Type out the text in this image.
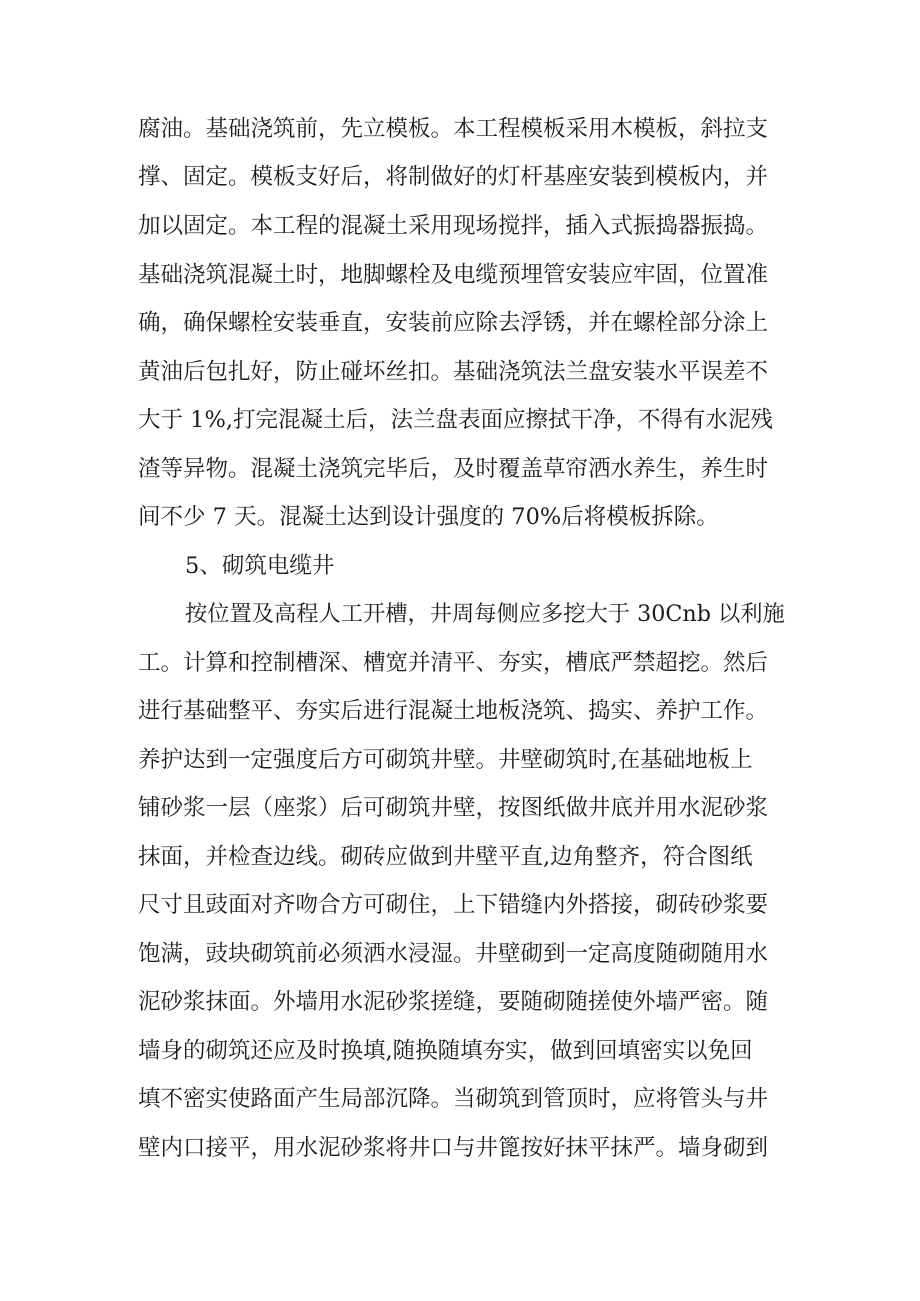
腐油。基础浇筑前，先立模板。本工程模板采用木模板，斜拉支
撑、固定。模板支好后，将制做好的灯杆基座安装到模板内，并
加以固定。本工程的混凝土采用现场搅拌，插入式振捣器振捣。
基础浇筑混凝土时，地脚螺栓及电缆预埋管安装应牢固，位置准
确，确保螺栓安装垂直，安装前应除去浮锈，并在螺栓部分涂上
黄油后包扎好，防止碰坏丝扣。基础浇筑法兰盘安装水平误差不
大于 1%,打完混凝土后，法兰盘表面应擦拭干净，不得有水泥残
渣等异物。混凝土浇筑完毕后，及时覆盖草帘洒水养生，养生时
间不少 7 天。混凝土达到设计强度的 70%后将模板拆除。
5、砌筑电缆井
按位置及高程人工开槽，井周每侧应多挖大于 30Cnb 以利施
工。计算和控制槽深、槽宽并清平、夯实，槽底严禁超挖。然后
进行基础整平、夯实后进行混凝土地板浇筑、捣实、养护工作。
养护达到一定强度后方可砌筑井壁。井壁砌筑时,在基础地板上
铺砂浆一层（座浆）后可砌筑井壁，按图纸做井底并用水泥砂浆
抹面，并检查边线。砌砖应做到井壁平直,边角整齐，符合图纸
尺寸且豉面对齐吻合方可砌住，上下错缝内外搭接，砌砖砂浆要
饱满，豉块砌筑前必须洒水浸湿。井壁砌到一定高度随砌随用水
泥砂浆抹面。外墙用水泥砂浆搓缝，要随砌随搓使外墙严密。随
墙身的砌筑还应及时换填,随换随填夯实，做到回填密实以免回
填不密实使路面产生局部沉降。当砌筑到管顶时，应将管头与井
壁内口接平，用水泥砂浆将井口与井篦按好抹平抹严。墙身砌到
